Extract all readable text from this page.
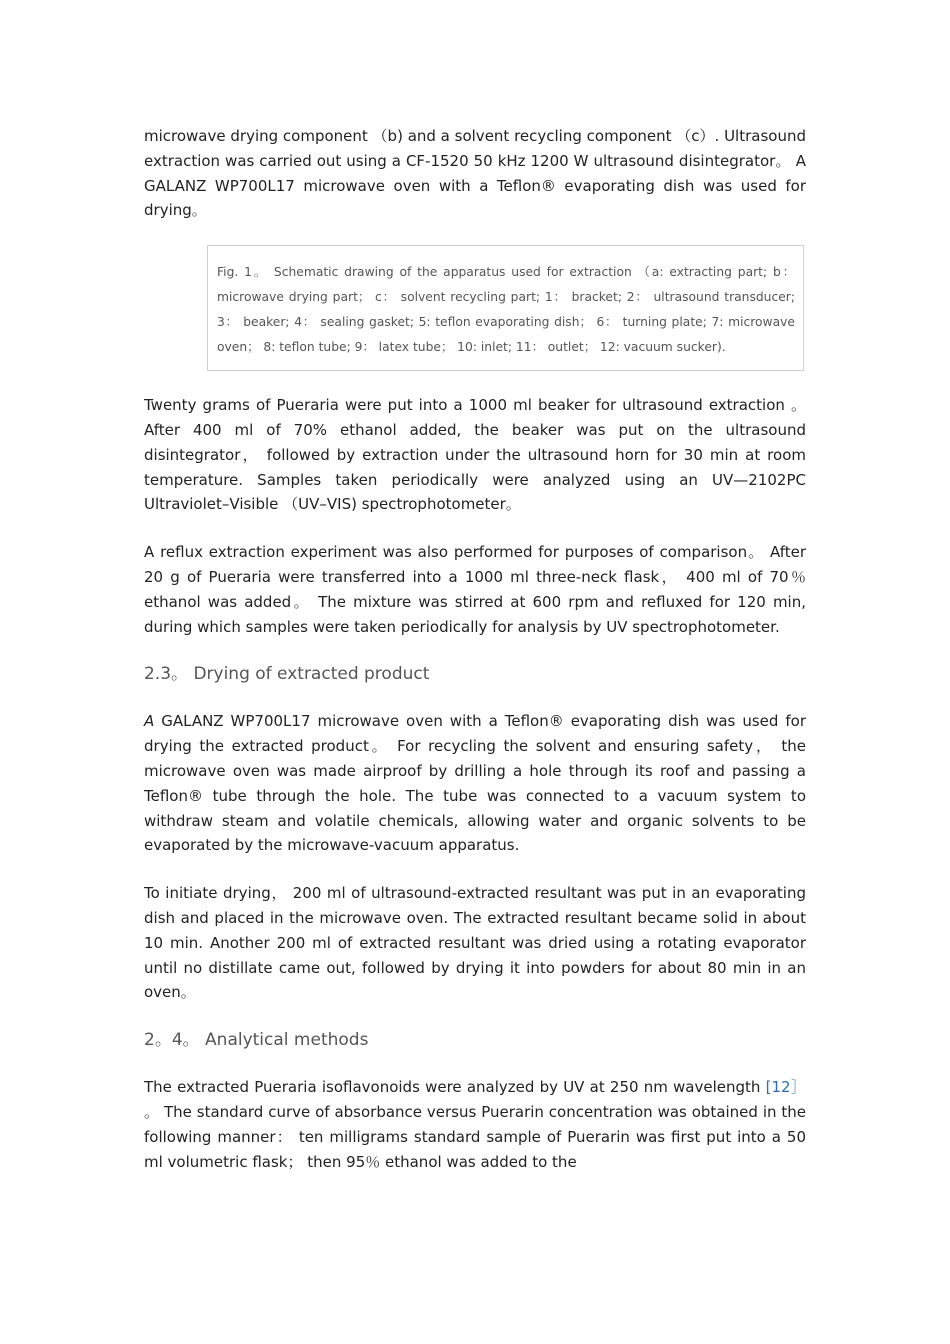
microwave drying component （b) and a solvent recycling component （c）. Ultrasound extraction was carried out using a CF-1520 50 kHz 1200 W ultrasound disintegrator。 A GALANZ WP700L17 microwave oven with a Teflon® evaporating dish was used for drying。

Fig. 1。 Schematic drawing of the apparatus used for extraction （a: extracting part; b：microwave drying part； c： solvent recycling part; 1： bracket; 2： ultrasound transducer; 3： beaker; 4： sealing gasket; 5: teflon evaporating dish； 6： turning plate; 7: microwave oven； 8: teflon tube; 9： latex tube； 10: inlet; 11： outlet； 12: vacuum sucker).

Twenty grams of Pueraria were put into a 1000 ml beaker for ultrasound extraction 。 After 400 ml of 70% ethanol added, the beaker was put on the ultrasound disintegrator， followed by extraction under the ultrasound horn for 30 min at room temperature. Samples taken periodically were analyzed using an UV—2102PC Ultraviolet–Visible （UV–VIS) spectrophotometer。

A reflux extraction experiment was also performed for purposes of comparison。 After 20 g of Pueraria were transferred into a 1000 ml three-neck flask， 400 ml of 70％ ethanol was added。 The mixture was stirred at 600 rpm and refluxed for 120 min, during which samples were taken periodically for analysis by UV spectrophotometer.

2.3。 Drying of extracted product

A GALANZ WP700L17 microwave oven with a Teflon® evaporating dish was used for drying the extracted product。 For recycling the solvent and ensuring safety， the microwave oven was made airproof by drilling a hole through its roof and passing a Teflon® tube through the hole. The tube was connected to a vacuum system to withdraw steam and volatile chemicals, allowing water and organic solvents to be evaporated by the microwave-vacuum apparatus.

To initiate drying， 200 ml of ultrasound-extracted resultant was put in an evaporating dish and placed in the microwave oven. The extracted resultant became solid in about 10 min. Another 200 ml of extracted resultant was dried using a rotating evaporator until no distillate came out, followed by drying it into powders for about 80 min in an oven。

2。4。 Analytical methods

The extracted Pueraria isoflavonoids were analyzed by UV at 250 nm wavelength [12］ 。 The standard curve of absorbance versus Puerarin concentration was obtained in the following manner： ten milligrams standard sample of Puerarin was first put into a 50 ml volumetric flask； then 95％ ethanol was added to the
